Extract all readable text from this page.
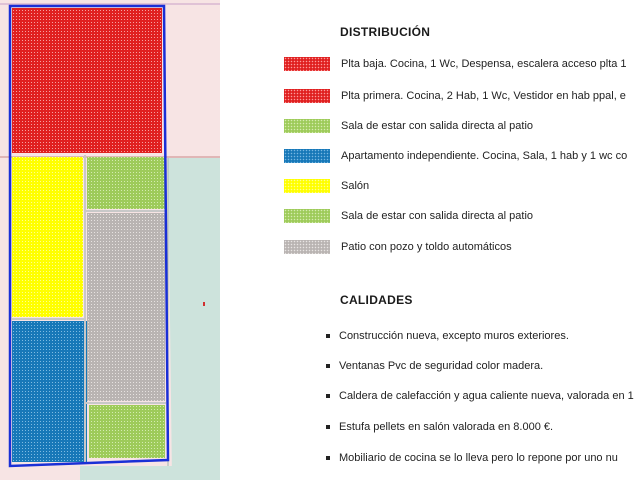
DISTRIBUCIÓN
Plta baja. Cocina, 1 Wc, Despensa, escalera acceso plta 1
Plta primera. Cocina, 2 Hab, 1 Wc, Vestidor en hab ppal, e
Sala de estar con salida directa al patio
Apartamento independiente. Cocina, Sala, 1 hab y 1 wc co
Salón
Sala de estar con salida directa al patio
Patio con pozo y toldo automáticos
CALIDADES
Construcción nueva, excepto muros exteriores.
Ventanas Pvc de seguridad color madera.
Caldera de calefacción y agua caliente nueva, valorada en 1
Estufa pellets en salón valorada en 8.000 €.
Mobiliario de cocina se lo lleva pero lo repone por uno nu
